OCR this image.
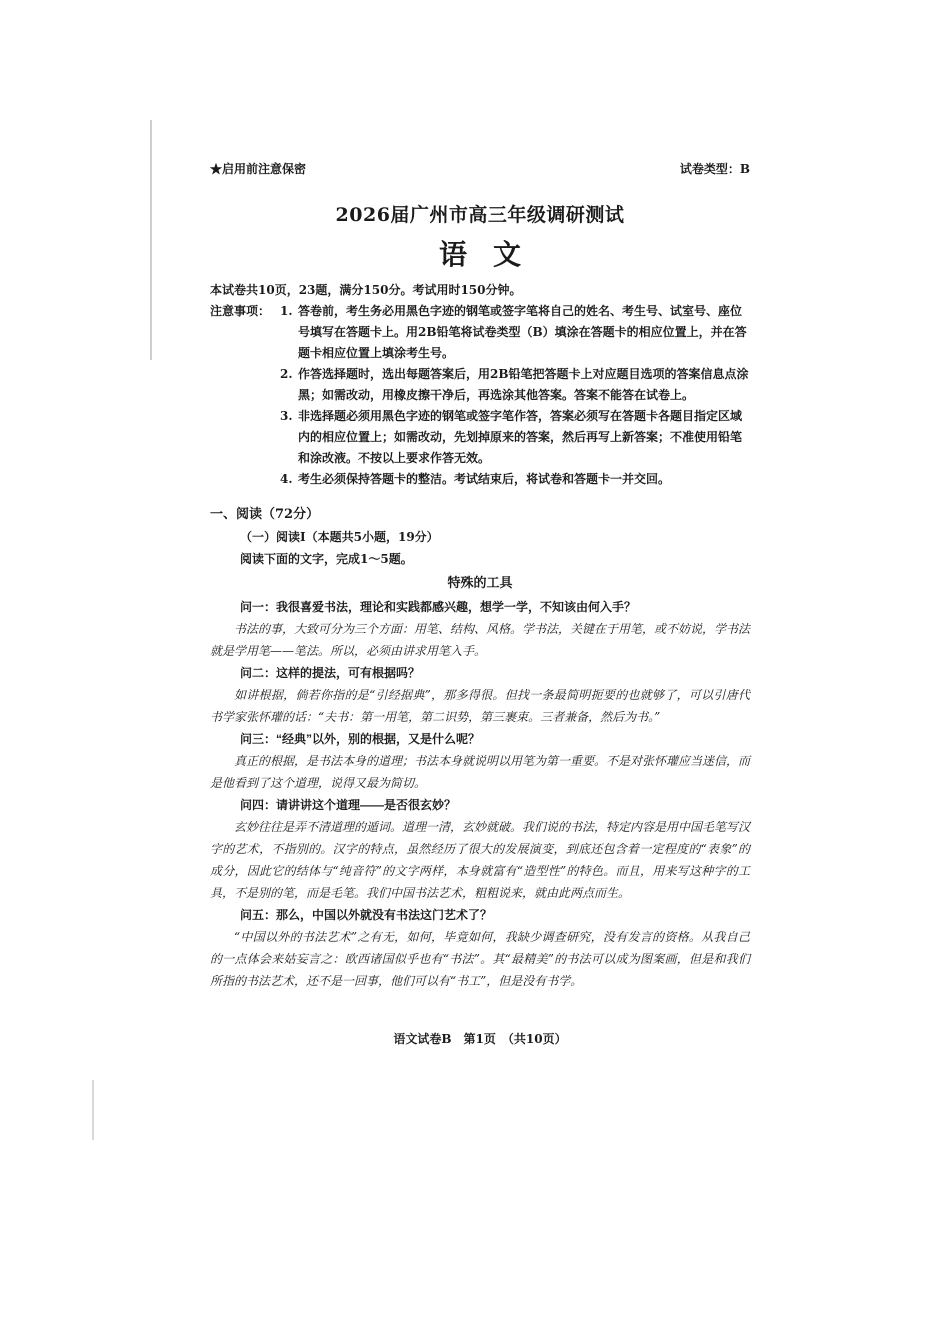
★启用前注意保密	试卷类型：B
2026届广州市高三年级调研测试
语文
本试卷共10页，23题，满分150分。考试用时150分钟。
注意事项： 1. 答卷前，考生务必用黑色字迹的钢笔或签字笔将自己的姓名、考生号、试室号、座位号填写在答题卡上。用2B铅笔将试卷类型（B）填涂在答题卡的相应位置上，并在答题卡相应位置上填涂考生号。
2. 作答选择题时，选出每题答案后，用2B铅笔把答题卡上对应题目选项的答案信息点涂黑；如需改动，用橡皮擦干净后，再选涂其他答案。答案不能答在试卷上。
3. 非选择题必须用黑色字迹的钢笔或签字笔作答，答案必须写在答题卡各题目指定区域内的相应位置上；如需改动，先划掉原来的答案，然后再写上新答案；不准使用铅笔和涂改液。不按以上要求作答无效。
4. 考生必须保持答题卡的整洁。考试结束后，将试卷和答题卡一并交回。
一、阅读（72分）
（一）阅读Ⅰ（本题共5小题，19分）
阅读下面的文字，完成1～5题。
特殊的工具
问一：我很喜爱书法，理论和实践都感兴趣，想学一学，不知该由何入手？

书法的事，大致可分为三个方面：用笔、结构、风格。学书法，关键在于用笔，或不妨说，学书法就是学用笔——笔法。所以，必须由讲求用笔入手。

问二：这样的提法，可有根据吗？

如讲根据，倘若你指的是“引经据典”，那多得很。但找一条最简明扼要的也就够了，可以引唐代书学家张怀瓘的话：“夫书：第一用笔，第二识势，第三裹束。三者兼备，然后为书。”

问三：“经典”以外，别的根据，又是什么呢？

真正的根据，是书法本身的道理；书法本身就说明以用笔为第一重要。不是对张怀瓘应当迷信，而是他看到了这个道理，说得又最为简切。

问四：请讲讲这个道理——是否很玄妙？

玄妙往往是弄不清道理的遁词。道理一清，玄妙就破。我们说的书法，特定内容是用中国毛笔写汉字的艺术，不指别的。汉字的特点，虽然经历了很大的发展演变，到底还包含着一定程度的“表象”的成分，因此它的结体与“纯音符”的文字两样，本身就富有“造型性”的特色。而且，用来写这种字的工具，不是别的笔，而是毛笔。我们中国书法艺术，粗粗说来，就由此两点而生。

问五：那么，中国以外就没有书法这门艺术了？

“中国以外的书法艺术”之有无，如何，毕竟如何，我缺少调查研究，没有发言的资格。从我自己的一点体会来姑妄言之：欧西诸国似乎也有“书法”。其“最精美”的书法可以成为图案画，但是和我们所指的书法艺术，还不是一回事，他们可以有“书工”，但是没有书学。

语文试卷B　第1页　（共10页）
